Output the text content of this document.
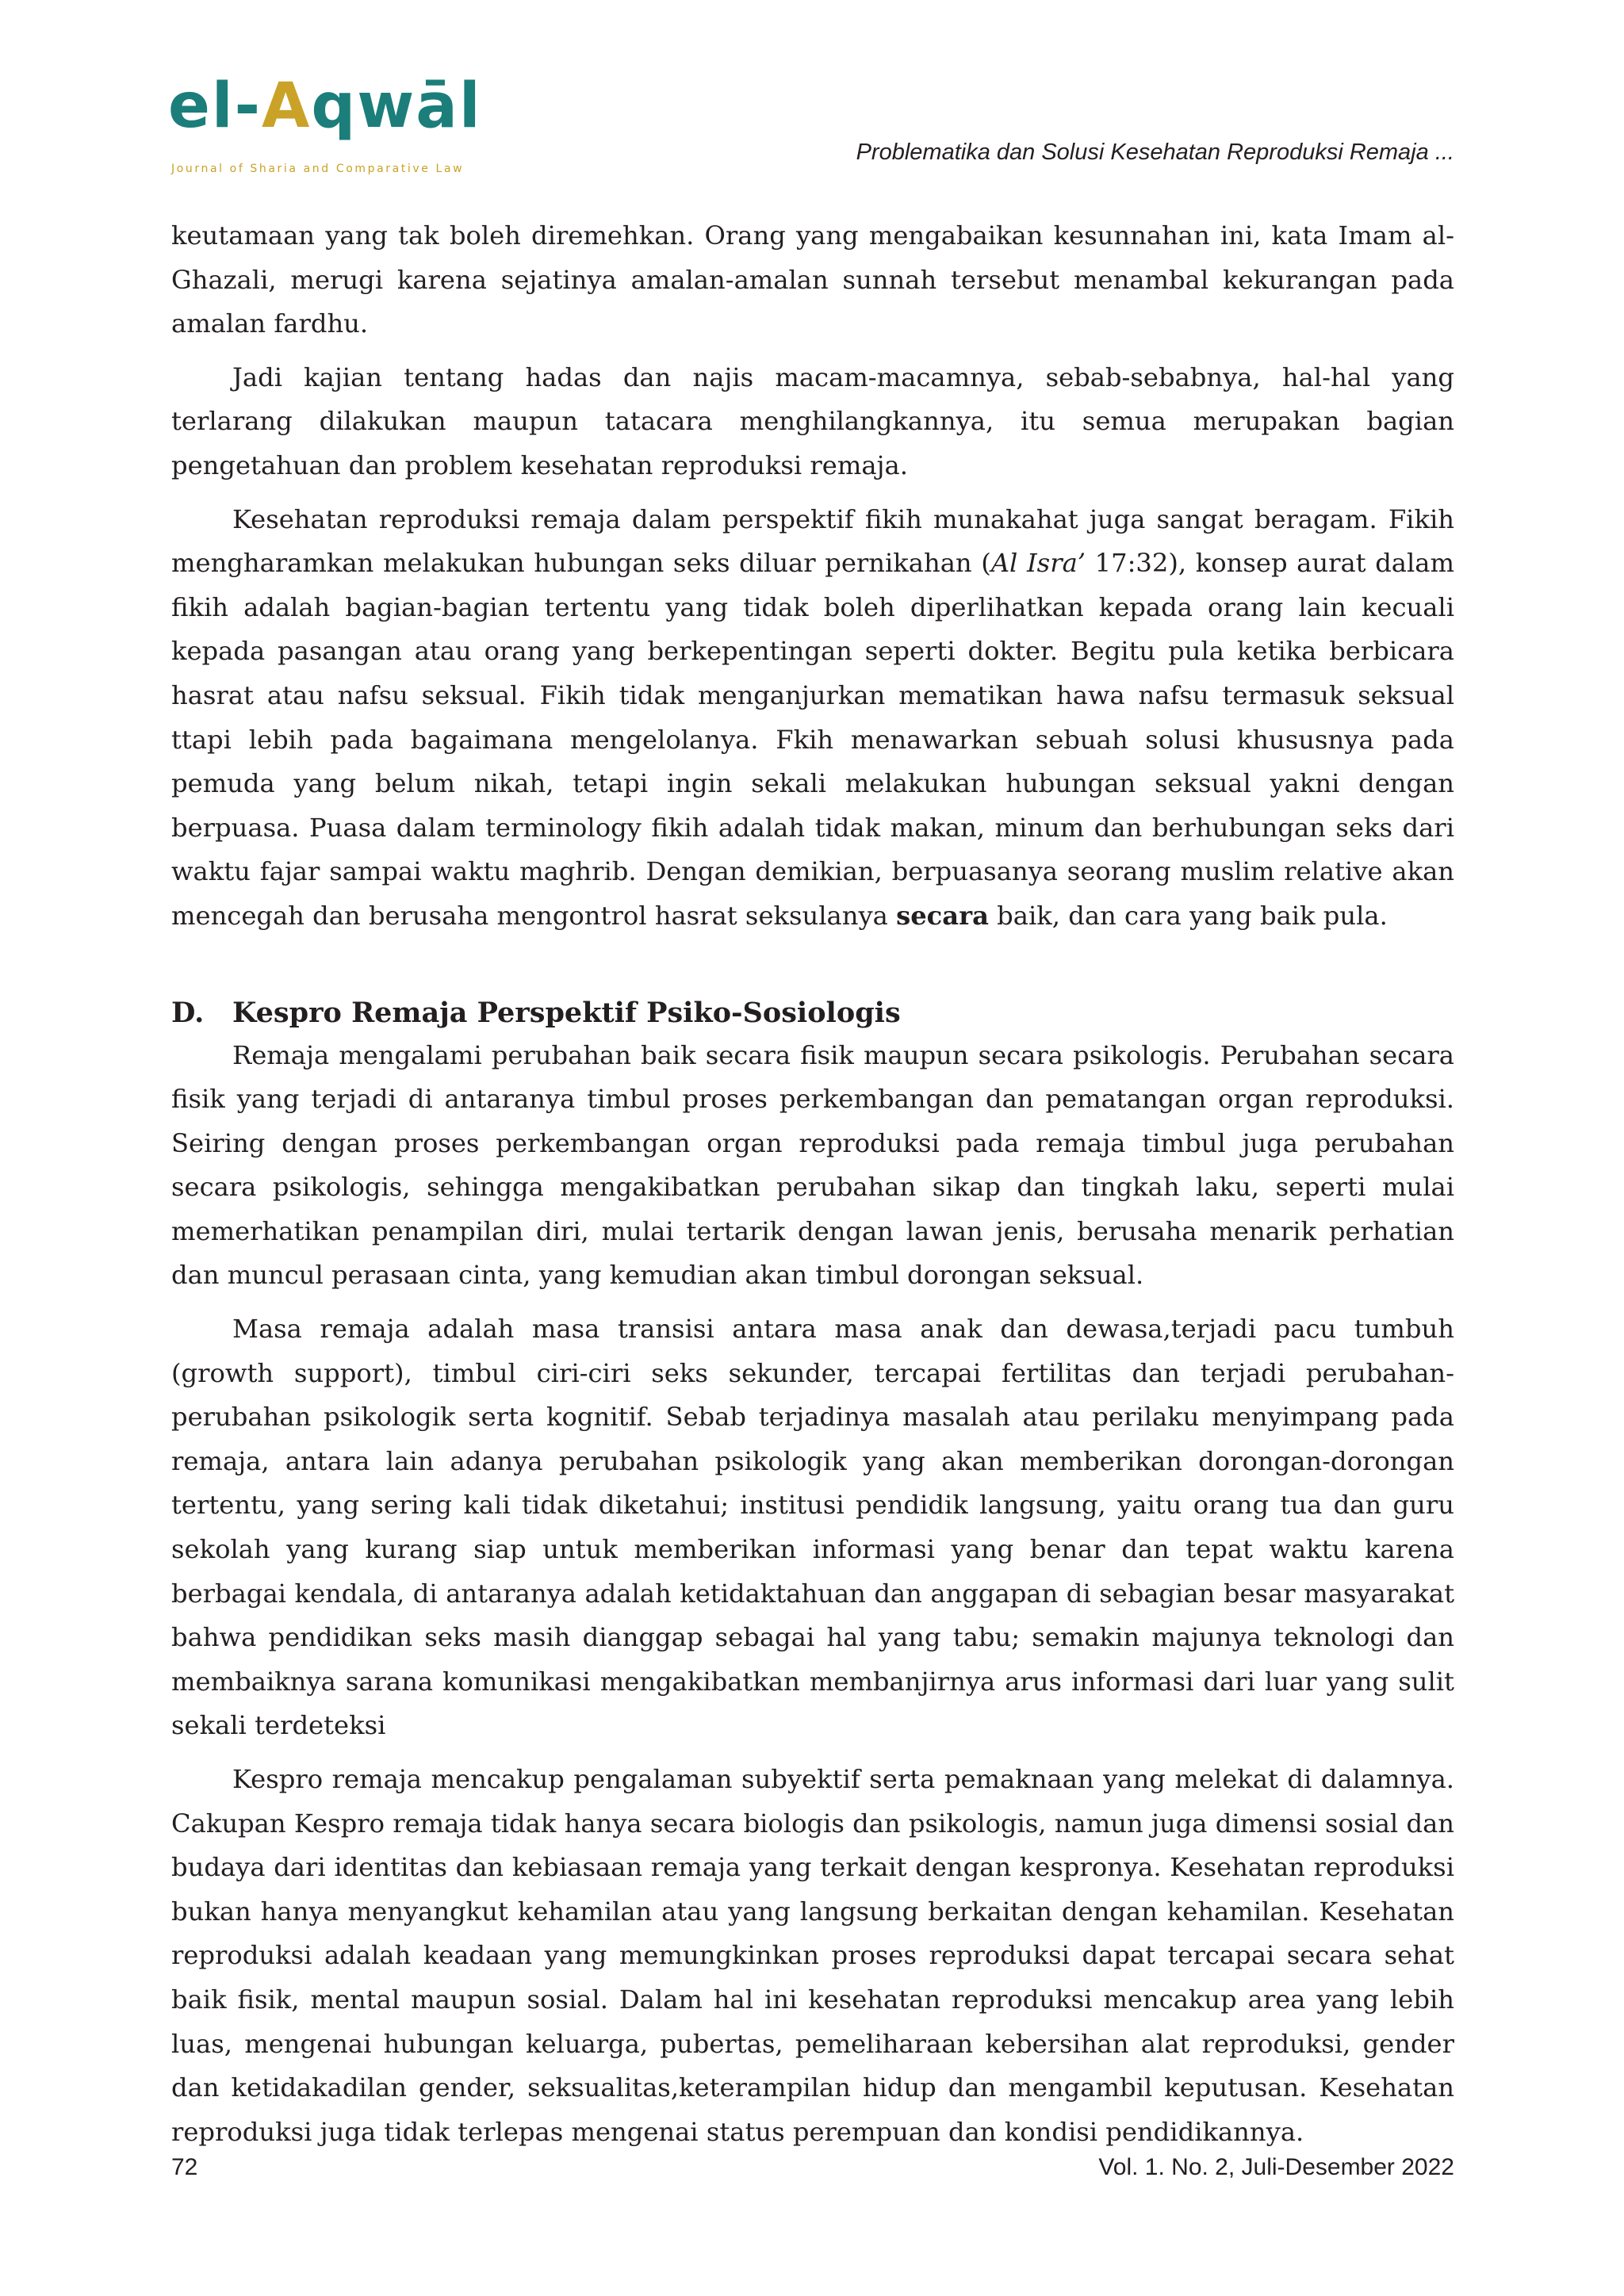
el-Aqwāl
Journal of Sharia and Comparative Law
Problematika dan Solusi Kesehatan Reproduksi Remaja ...

keutamaan yang tak boleh diremehkan. Orang yang mengabaikan kesunnahan ini, kata Imam al-Ghazali, merugi karena sejatinya amalan-amalan sunnah tersebut menambal kekurangan pada amalan fardhu.

Jadi kajian tentang hadas dan najis macam-macamnya, sebab-sebabnya, hal-hal yang terlarang dilakukan maupun tatacara menghilangkannya, itu semua merupakan bagian pengetahuan dan problem kesehatan reproduksi remaja.

Kesehatan reproduksi remaja dalam perspektif fikih munakahat juga sangat beragam. Fikih mengharamkan melakukan hubungan seks diluar pernikahan (Al Isra’ 17:32), konsep aurat dalam fikih adalah bagian-bagian tertentu yang tidak boleh diperlihatkan kepada orang lain kecuali kepada pasangan atau orang yang berkepentingan seperti dokter. Begitu pula ketika berbicara hasrat atau nafsu seksual. Fikih tidak menganjurkan mematikan hawa nafsu termasuk seksual ttapi lebih pada bagaimana mengelolanya. Fkih menawarkan sebuah solusi khususnya pada pemuda yang belum nikah, tetapi ingin sekali melakukan hubungan seksual yakni dengan berpuasa. Puasa dalam terminology fikih adalah tidak makan, minum dan berhubungan seks dari waktu fajar sampai waktu maghrib. Dengan demikian, berpuasanya seorang muslim relative akan mencegah dan berusaha mengontrol hasrat seksulanya secara baik, dan cara yang baik pula.

D. Kespro Remaja Perspektif Psiko-Sosiologis

Remaja mengalami perubahan baik secara fisik maupun secara psikologis. Perubahan secara fisik yang terjadi di antaranya timbul proses perkembangan dan pematangan organ reproduksi. Seiring dengan proses perkembangan organ reproduksi pada remaja timbul juga perubahan secara psikologis, sehingga mengakibatkan perubahan sikap dan tingkah laku, seperti mulai memerhatikan penampilan diri, mulai tertarik dengan lawan jenis, berusaha menarik perhatian dan muncul perasaan cinta, yang kemudian akan timbul dorongan seksual.

Masa remaja adalah masa transisi antara masa anak dan dewasa,terjadi pacu tumbuh (growth support), timbul ciri-ciri seks sekunder, tercapai fertilitas dan terjadi perubahan-perubahan psikologik serta kognitif. Sebab terjadinya masalah atau perilaku menyimpang pada remaja, antara lain adanya perubahan psikologik yang akan memberikan dorongan-dorongan tertentu, yang sering kali tidak diketahui; institusi pendidik langsung, yaitu orang tua dan guru sekolah yang kurang siap untuk memberikan informasi yang benar dan tepat waktu karena berbagai kendala, di antaranya adalah ketidaktahuan dan anggapan di sebagian besar masyarakat bahwa pendidikan seks masih dianggap sebagai hal yang tabu; semakin majunya teknologi dan membaiknya sarana komunikasi mengakibatkan membanjirnya arus informasi dari luar yang sulit sekali terdeteksi

Kespro remaja mencakup pengalaman subyektif serta pemaknaan yang melekat di dalamnya. Cakupan Kespro remaja tidak hanya secara biologis dan psikologis, namun juga dimensi sosial dan budaya dari identitas dan kebiasaan remaja yang terkait dengan kespronya. Kesehatan reproduksi bukan hanya menyangkut kehamilan atau yang langsung berkaitan dengan kehamilan. Kesehatan reproduksi adalah keadaan yang memungkinkan proses reproduksi dapat tercapai secara sehat baik fisik, mental maupun sosial. Dalam hal ini kesehatan reproduksi mencakup area yang lebih luas, mengenai hubungan keluarga, pubertas, pemeliharaan kebersihan alat reproduksi, gender dan ketidakadilan gender, seksualitas,keterampilan hidup dan mengambil keputusan. Kesehatan reproduksi juga tidak terlepas mengenai status perempuan dan kondisi pendidikannya.

72	Vol. 1. No. 2, Juli-Desember 2022
